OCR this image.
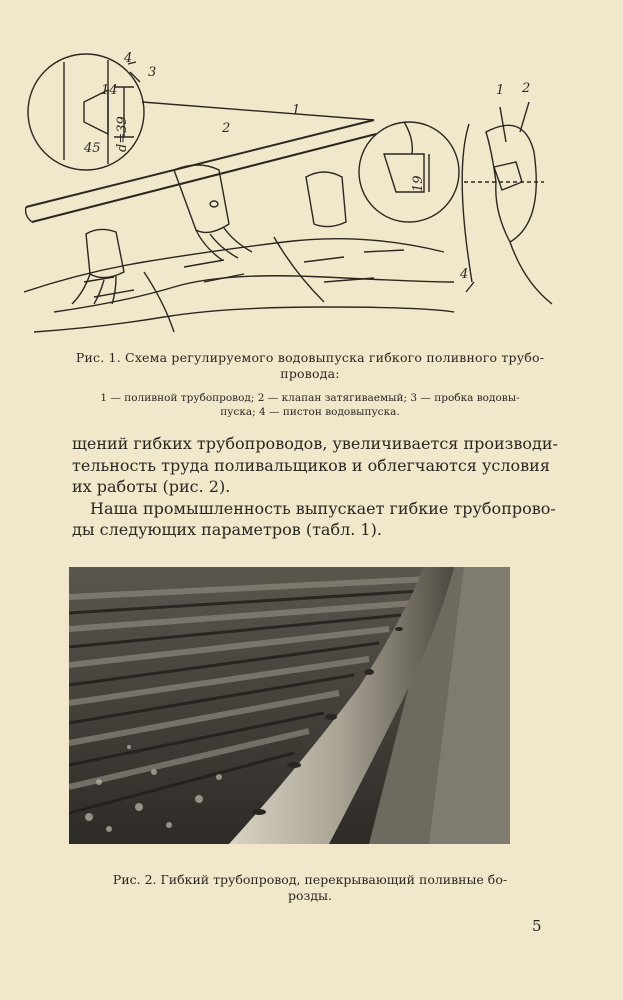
4
3
1
2
1 2
4
14
45 d=39
19
Рис. 1. Схема регулируемого водовыпуска гибкого поливного трубо-
провода:
1 — поливной трубопровод; 2 — клапан затягиваемый; 3 — пробка водовы-
пуска; 4 — пистон водовыпуска.
щений гибких трубопроводов, увеличивается производи-
тельность труда поливальщиков и облегчаются условия
их работы (рис. 2).
Наша промышленность выпускает гибкие трубопрово-
ды следующих параметров (табл. 1).
Рис. 2. Гибкий трубопровод, перекрывающий поливные бо-
розды.
5
